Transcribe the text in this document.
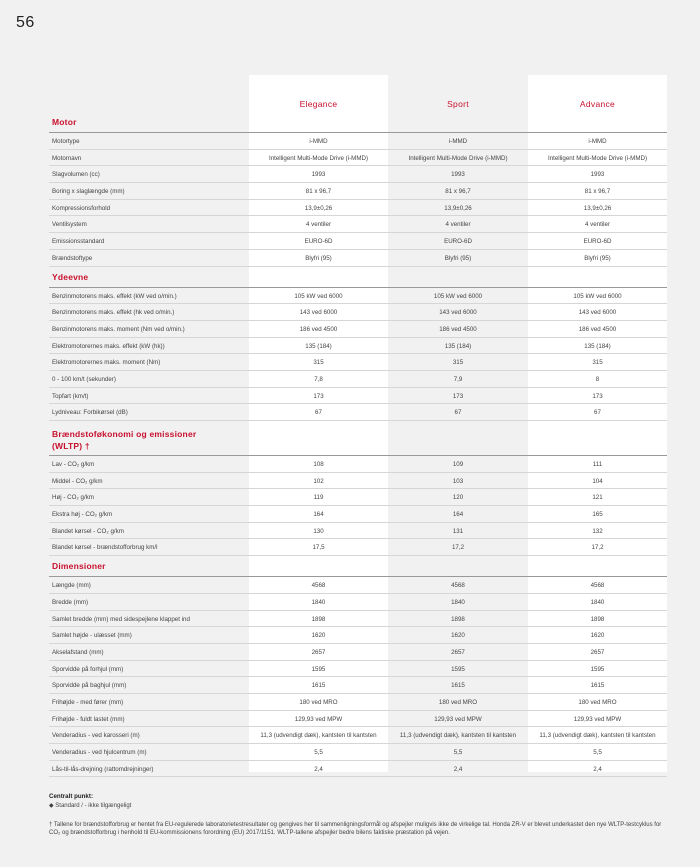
56
Elegance	Sport	Advance
Motor
Motortype	i-MMD	i-MMD	i-MMD
Motornavn	Intelligent Multi-Mode Drive (i-MMD)	Intelligent Multi-Mode Drive (i-MMD)	Intelligent Multi-Mode Drive (i-MMD)
Slagvolumen (cc)	1993	1993	1993
Boring x slaglængde (mm)	81 x 96,7	81 x 96,7	81 x 96,7
Kompressionsforhold	13,9±0,26	13,9±0,26	13,9±0,26
Ventilsystem	4 ventiler	4 ventiler	4 ventiler
Emissionsstandard	EURO-6D	EURO-6D	EURO-6D
Brændstoftype	Blyfri (95)	Blyfri (95)	Blyfri (95)
Ydeevne
Benzinmotorens maks. effekt (kW ved o/min.)	105 kW ved 6000	105 kW ved 6000	105 kW ved 6000
Benzinmotorens maks. effekt (hk ved o/min.)	143 ved 6000	143 ved 6000	143 ved 6000
Benzinmotorens maks. moment (Nm ved o/min.)	186 ved 4500	186 ved 4500	186 ved 4500
Elektromotorernes maks. effekt (kW (hk))	135 (184)	135 (184)	135 (184)
Elektromotorernes maks. moment (Nm)	315	315	315
0 - 100 km/t (sekunder)	7,8	7,9	8
Topfart (km/t)	173	173	173
Lydniveau: Forbikørsel (dB)	67	67	67
Brændstoføkonomi og emissioner
(WLTP) †
Lav - CO₂ g/km	108	109	111
Middel - CO₂ g/km	102	103	104
Høj - CO₂ g/km	119	120	121
Ekstra høj - CO₂ g/km	164	164	165
Blandet kørsel - CO₂ g/km	130	131	132
Blandet kørsel - brændstofforbrug km/l	17,5	17,2	17,2
Dimensioner
Længde (mm)	4568	4568	4568
Bredde (mm)	1840	1840	1840
Samlet bredde (mm) med sidespejlene klappet ind	1898	1898	1898
Samlet højde - ulæsset (mm)	1620	1620	1620
Akselafstand (mm)	2657	2657	2657
Sporvidde på forhjul (mm)	1595	1595	1595
Sporvidde på baghjul (mm)	1615	1615	1615
Frihøjde - med fører (mm)	180 ved MRO	180 ved MRO	180 ved MRO
Frihøjde - fuldt lastet (mm)	129,93 ved MPW	129,93 ved MPW	129,93 ved MPW
Venderadius - ved karosseri (m)	11,3 (udvendigt dæk), kantsten til kantsten	11,3 (udvendigt dæk), kantsten til kantsten	11,3 (udvendigt dæk), kantsten til kantsten
Venderadius - ved hjulcentrum (m)	5,5	5,5	5,5
Lås-til-lås-drejning (rattomdrejninger)	2,4	2,4	2,4
Centralt punkt:
◆ Standard / - ikke tilgængeligt
† Tallene for brændstofforbrug er hentet fra EU-regulerede laboratorietestresultater og gengives her til sammenligningsformål og afspejler muligvis ikke de virkelige tal. Honda ZR-V er blevet underkastet den nye WLTP-testcyklus for CO₂ og brændstofforbrug i henhold til EU-kommissionens forordning (EU) 2017/1151. WLTP-tallene afspejler bedre bilens faktiske præstation på vejen.
